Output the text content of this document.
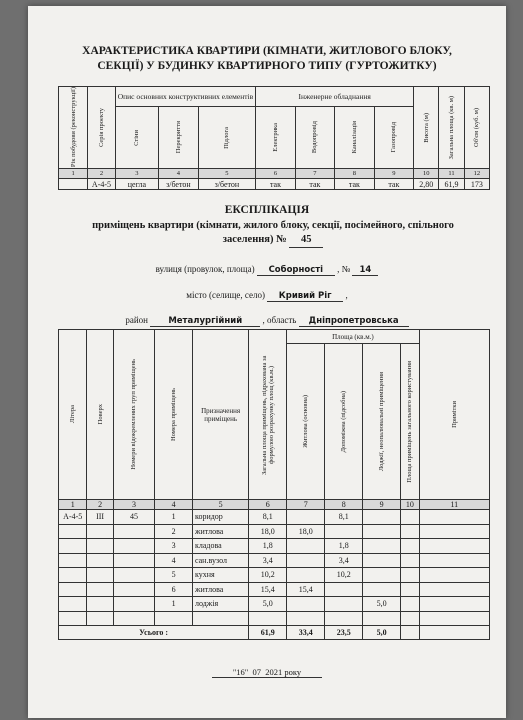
ХАРАКТЕРИСТИКА КВАРТИРИ (КІМНАТИ, ЖИТЛОВОГО БЛОКУ,
СЕКЦІЇ) У БУДИНКУ КВАРТИРНОГО ТИПУ (ГУРТОЖИТКУ)
Рік побудови (реконструкції)	Серія проекту	Опис основних конструктивних елементів			Інженерне обладнання				Висота (м)	Загальна площа (кв. м)	Об'єм (куб. м)

		Стіни	Перекриття	Підлога	Електрика	Водопровід	Каналізація	Газопровід			

1	2	3	4	5	6	7	8	9	10	11	12
	А-4-5	цегла	з/бетон	з/бетон	так	так	так	так	2,80	61,9	173
ЕКСПЛІКАЦІЯ
приміщень квартири (кімнати, жилого блоку, секції, посімейного, спільного
заселення) № 45
вулиця (провулок, площа) Соборності , № 14
місто (селище, село) Кривий Ріг ,
район Металургійний , область Дніпропетровська
Літера	Поверх	Номери відокремлених груп приміщень	Номера приміщень	Призначення приміщень	Загальна площа приміщень, підрахована за формулою розрахунку площ (кв.м.)	Площа (кв.м.)				Примітки

						Житлова (основна)	Допоміжна (підсобна)	Лоджії, неопалювальні приміщення	Площа приміщень загального користування	

1	2	3	4	5	6	7	8	9	10	11
А-4-5	III	45	1	коридор	8,1		8,1			
			2	житлова	18,0	18,0				
			3	кладова	1,8		1,8			
			4	сан.вузол	3,4		3,4			
			5	кухня	10,2		10,2			
			6	житлова	15,4	15,4				
			1	лоджія	5,0			5,0		

Усього :					61,9	33,4	23,5	5,0		
"16" 07 2021 року
